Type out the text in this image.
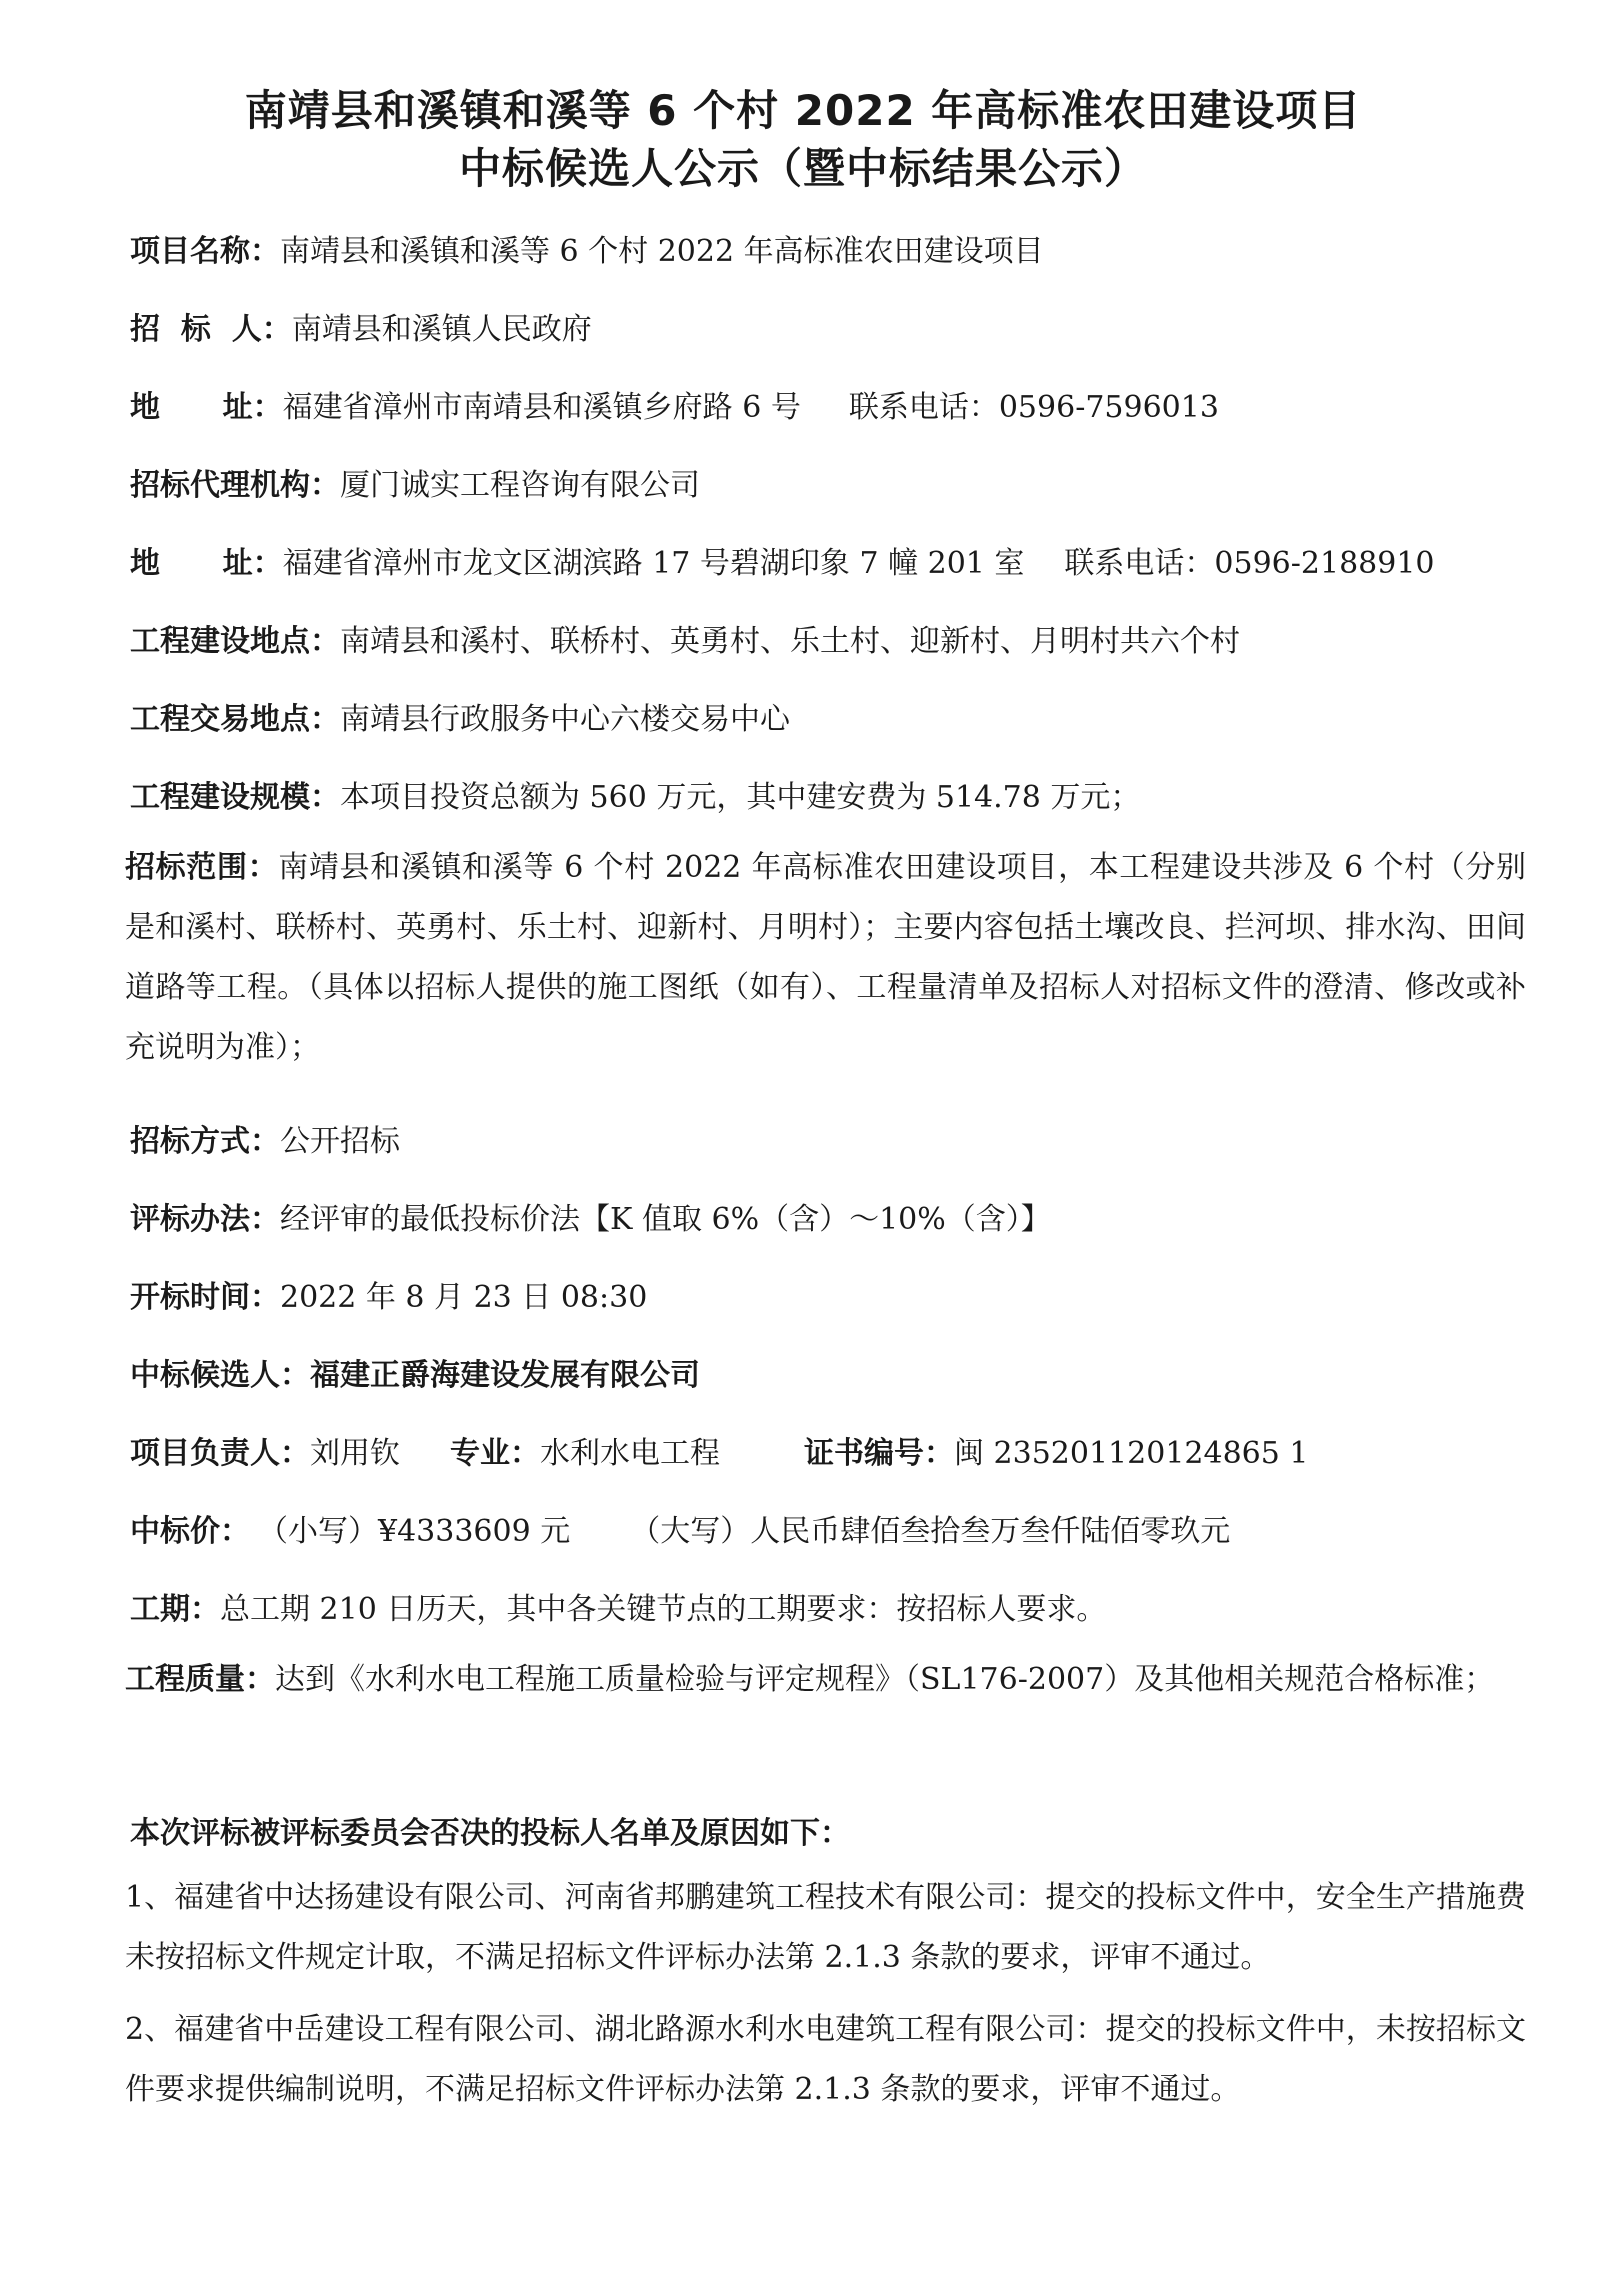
南靖县和溪镇和溪等 6 个村 2022 年高标准农田建设项目
中标候选人公示（暨中标结果公示）
项目名称：南靖县和溪镇和溪等 6 个村 2022 年高标准农田建设项目
招  标  人：南靖县和溪镇人民政府
地      址：福建省漳州市南靖县和溪镇乡府路 6 号 联系电话：0596-7596013
招标代理机构：厦门诚实工程咨询有限公司
地      址：福建省漳州市龙文区湖滨路 17 号碧湖印象 7 幢 201 室 联系电话：0596-2188910
工程建设地点：南靖县和溪村、联桥村、英勇村、乐土村、迎新村、月明村共六个村
工程交易地点：南靖县行政服务中心六楼交易中心
工程建设规模：本项目投资总额为 560 万元，其中建安费为 514.78 万元；
招标范围：南靖县和溪镇和溪等 6 个村 2022 年高标准农田建设项目，本工程建设共涉及 6 个村（分别是和溪村、联桥村、英勇村、乐土村、迎新村、月明村）；主要内容包括土壤改良、拦河坝、排水沟、田间道路等工程。（具体以招标人提供的施工图纸（如有）、工程量清单及招标人对招标文件的澄清、修改或补充说明为准）；
招标方式：公开招标
评标办法：经评审的最低投标价法【K 值取 6%（含）～10%（含）】
开标时间：2022 年 8 月 23 日 08:30
中标候选人：福建正爵海建设发展有限公司
项目负责人：刘用钦 专业：水利水电工程	证书编号：闽 235201120124865 1
中标价： （小写）¥4333609 元 （大写）人民币肆佰叁拾叁万叁仟陆佰零玖元
工期：总工期 210 日历天，其中各关键节点的工期要求：按招标人要求。
工程质量：达到《水利水电工程施工质量检验与评定规程》（SL176-2007）及其他相关规范合格标准；
本次评标被评标委员会否决的投标人名单及原因如下：
1、福建省中达扬建设有限公司、河南省邦鹏建筑工程技术有限公司：提交的投标文件中，安全生产措施费未按招标文件规定计取，不满足招标文件评标办法第 2.1.3 条款的要求，评审不通过。
2、福建省中岳建设工程有限公司、湖北路源水利水电建筑工程有限公司：提交的投标文件中，未按招标文件要求提供编制说明，不满足招标文件评标办法第 2.1.3 条款的要求，评审不通过。
